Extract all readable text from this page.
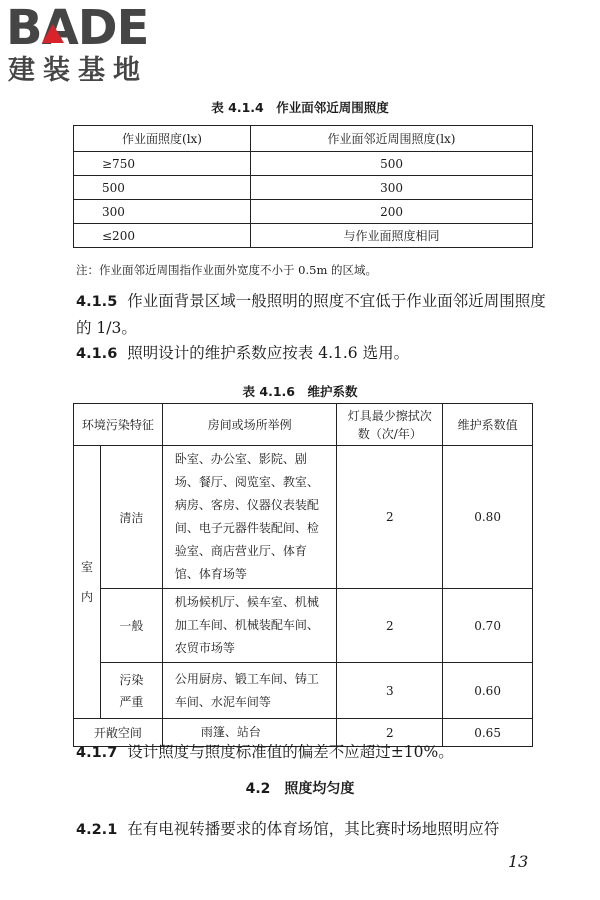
BADE
建装基地
表 4.1.4　作业面邻近周围照度
作业面照度(lx)	作业面邻近周围照度(lx)
≥750	500
500	300
300	200
≤200	与作业面照度相同
注：作业面邻近周围指作业面外宽度不小于 0.5m 的区域。
4.1.5 作业面背景区域一般照明的照度不宜低于作业面邻近周围照度的 1/3。
4.1.6 照明设计的维护系数应按表 4.1.6 选用。
表 4.1.6　维护系数
环境污染特征		房间或场所举例	灯具最少擦拭次数（次/年）	维护系数值
室
内	清洁	卧室、办公室、影院、剧场、餐厅、阅览室、教室、病房、客房、仪器仪表装配间、电子元器件装配间、检验室、商店营业厅、体育馆、体育场等	2	0.80
	一般	机场候机厅、候车室、机械加工车间、机械装配车间、农贸市场等	2	0.70
	污染严重	公用厨房、锻工车间、铸工车间、水泥车间等	3	0.60
开敞空间		雨篷、站台	2	0.65
4.1.7 设计照度与照度标准值的偏差不应超过±10%。
4.2　照度均匀度
4.2.1 在有电视转播要求的体育场馆，其比赛时场地照明应符
13
